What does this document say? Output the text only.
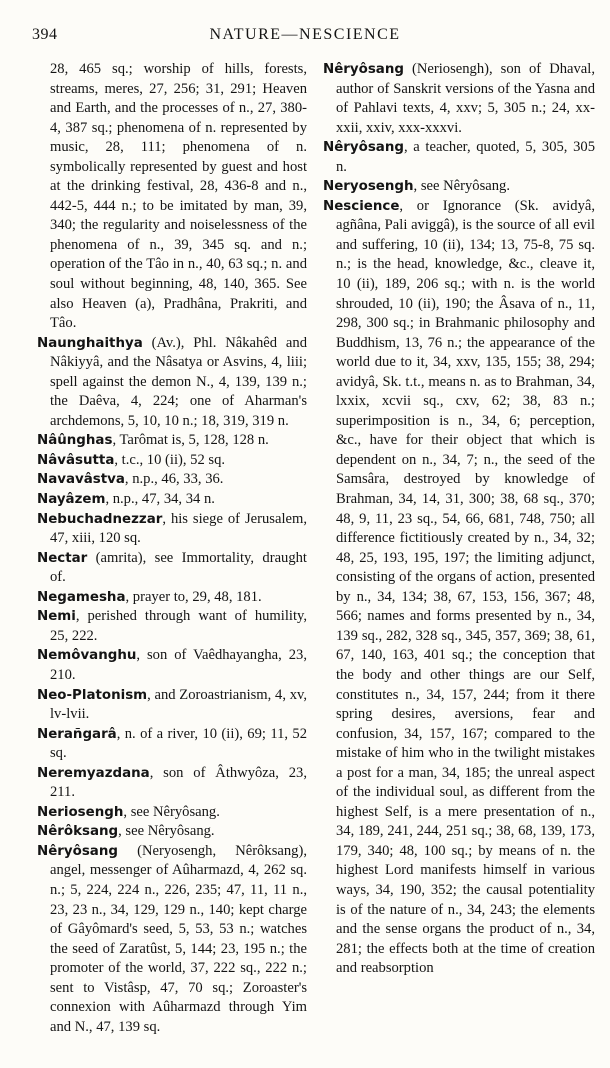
394	NATURE—NESCIENCE

28, 465 sq.; worship of hills, forests, streams, meres, 27, 256; 31, 291; Heaven and Earth, and the processes of n., 27, 380-4, 387 sq.; phenomena of n. represented by music, 28, 111; phenomena of n. symbolically represented by guest and host at the drinking festival, 28, 436-8 and n., 442-5, 444 n.; to be imitated by man, 39, 340; the regularity and noiselessness of the phenomena of n., 39, 345 sq. and n.; operation of the Tâo in n., 40, 63 sq.; n. and soul without beginning, 48, 140, 365. See also Heaven (a), Pradhâna, Prakriti, and Tâo.

Naunghaithya (Av.), Phl. Nâkahêd and Nâkiyyâ, and the Nâsatya or Asvins, 4, liii; spell against the demon N., 4, 139, 139 n.; the Daêva, 4, 224; one of Aharman's archdemons, 5, 10, 10 n.; 18, 319, 319 n.

Nâûnghas, Tarômat is, 5, 128, 128 n.

Nâvâsutta, t.c., 10 (ii), 52 sq.

Navavâstva, n.p., 46, 33, 36.

Nayâzem, n.p., 47, 34, 34 n.

Nebuchadnezzar, his siege of Jerusalem, 47, xiii, 120 sq.

Nectar (amrita), see Immortality, draught of.

Negamesha, prayer to, 29, 48, 181.

Nemi, perished through want of humility, 25, 222.

Nemôvanghu, son of Vaêdhayangha, 23, 210.

Neo-Platonism, and Zoroastrianism, 4, xv, lv-lvii.

Nerañgarâ, n. of a river, 10 (ii), 69; 11, 52 sq.

Neremyazdana, son of Âthwyôza, 23, 211.

Neriosengh, see Nêryôsang.

Nêrôksang, see Nêryôsang.

Nêryôsang (Neryosengh, Nêrôksang), angel, messenger of Aûharmazd, 4, 262 sq. n.; 5, 224, 224 n., 226, 235; 47, 11, 11 n., 23, 23 n., 34, 129, 129 n., 140; kept charge of Gâyômard's seed, 5, 53, 53 n.; watches the seed of Zaratûst, 5, 144; 23, 195 n.; the promoter of the world, 37, 222 sq., 222 n.; sent to Vistâsp, 47, 70 sq.; Zoroaster's connexion with Aûharmazd through Yim and N., 47, 139 sq.

Nêryôsang (Neriosengh), son of Dhaval, author of Sanskrit versions of the Yasna and of Pahlavi texts, 4, xxv; 5, 305 n.; 24, xx-xxii, xxiv, xxx-xxxvi.

Nêryôsang, a teacher, quoted, 5, 305, 305 n.

Neryosengh, see Nêryôsang.

Nescience, or Ignorance (Sk. avidyâ, agñâna, Pali aviggâ), is the source of all evil and suffering, 10 (ii), 134; 13, 75-8, 75 sq. n.; is the head, knowledge, &c., cleave it, 10 (ii), 189, 206 sq.; with n. is the world shrouded, 10 (ii), 190; the Âsava of n., 11, 298, 300 sq.; in Brahmanic philosophy and Buddhism, 13, 76 n.; the appearance of the world due to it, 34, xxv, 135, 155; 38, 294; avidyâ, Sk. t.t., means n. as to Brahman, 34, lxxix, xcvii sq., cxv, 62; 38, 83 n.; superimposition is n., 34, 6; perception, &c., have for their object that which is dependent on n., 34, 7; n., the seed of the Samsâra, destroyed by knowledge of Brahman, 34, 14, 31, 300; 38, 68 sq., 370; 48, 9, 11, 23 sq., 54, 66, 681, 748, 750; all difference fictitiously created by n., 34, 32; 48, 25, 193, 195, 197; the limiting adjunct, consisting of the organs of action, presented by n., 34, 134; 38, 67, 153, 156, 367; 48, 566; names and forms presented by n., 34, 139 sq., 282, 328 sq., 345, 357, 369; 38, 61, 67, 140, 163, 401 sq.; the conception that the body and other things are our Self, constitutes n., 34, 157, 244; from it there spring desires, aversions, fear and confusion, 34, 157, 167; compared to the mistake of him who in the twilight mistakes a post for a man, 34, 185; the unreal aspect of the individual soul, as different from the highest Self, is a mere presentation of n., 34, 189, 241, 244, 251 sq.; 38, 68, 139, 173, 179, 340; 48, 100 sq.; by means of n. the highest Lord manifests himself in various ways, 34, 190, 352; the causal potentiality is of the nature of n., 34, 243; the elements and the sense organs the product of n., 34, 281; the effects both at the time of creation and reabsorption
